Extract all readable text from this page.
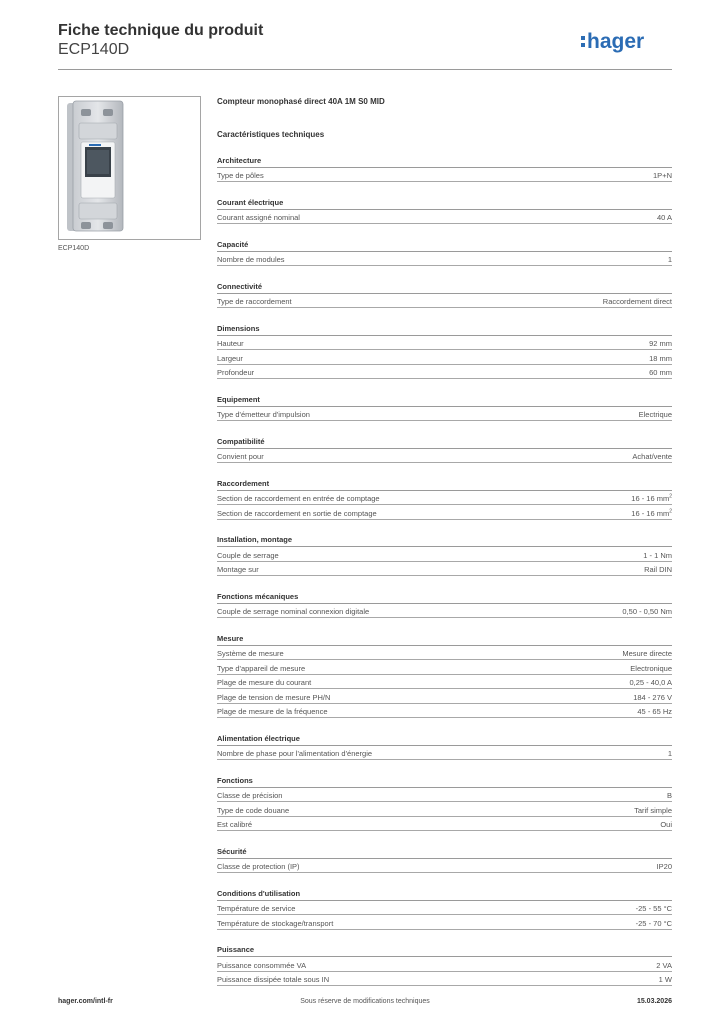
Fiche technique du produit
ECP140D	hager
ECP140D
Compteur monophasé direct 40A 1M S0 MID
Caractéristiques techniques
Architecture
Type de pôles	1P+N
Courant électrique
Courant assigné nominal	40 A
Capacité
Nombre de modules	1
Connectivité
Type de raccordement	Raccordement direct
Dimensions
Hauteur	92 mm
Largeur	18 mm
Profondeur	60 mm
Equipement
Type d'émetteur d'impulsion	Electrique
Compatibilité
Convient pour	Achat/vente
Raccordement
Section de raccordement en entrée de comptage	16 - 16 $mm^2$
Section de raccordement en sortie de comptage	16 - 16 $mm^2$
Installation, montage
Couple de serrage	1 - 1 Nm
Montage sur	Rail DIN
Fonctions mécaniques
Couple de serrage nominal connexion digitale	0,50 - 0,50 Nm
Mesure
Système de mesure	Mesure directe
Type d'appareil de mesure	Electronique
Plage de mesure du courant	0,25 - 40,0 A
Plage de tension de mesure PH/N	184 - 276 V
Plage de mesure de la fréquence	45 - 65 Hz
Alimentation électrique
Nombre de phase pour l'alimentation d'énergie	1
Fonctions
Classe de précision	B
Type de code douane	Tarif simple
Est calibré	Oui
Sécurité
Classe de protection (IP)	IP20
Conditions d'utilisation
Température de service	-25 - 55 °C
Température de stockage/transport	-25 - 70 °C
Puissance
Puissance consommée VA	2 VA
Puissance dissipée totale sous IN	1 W
hager.com/intl-fr	Sous réserve de modifications techniques	15.03.2026
